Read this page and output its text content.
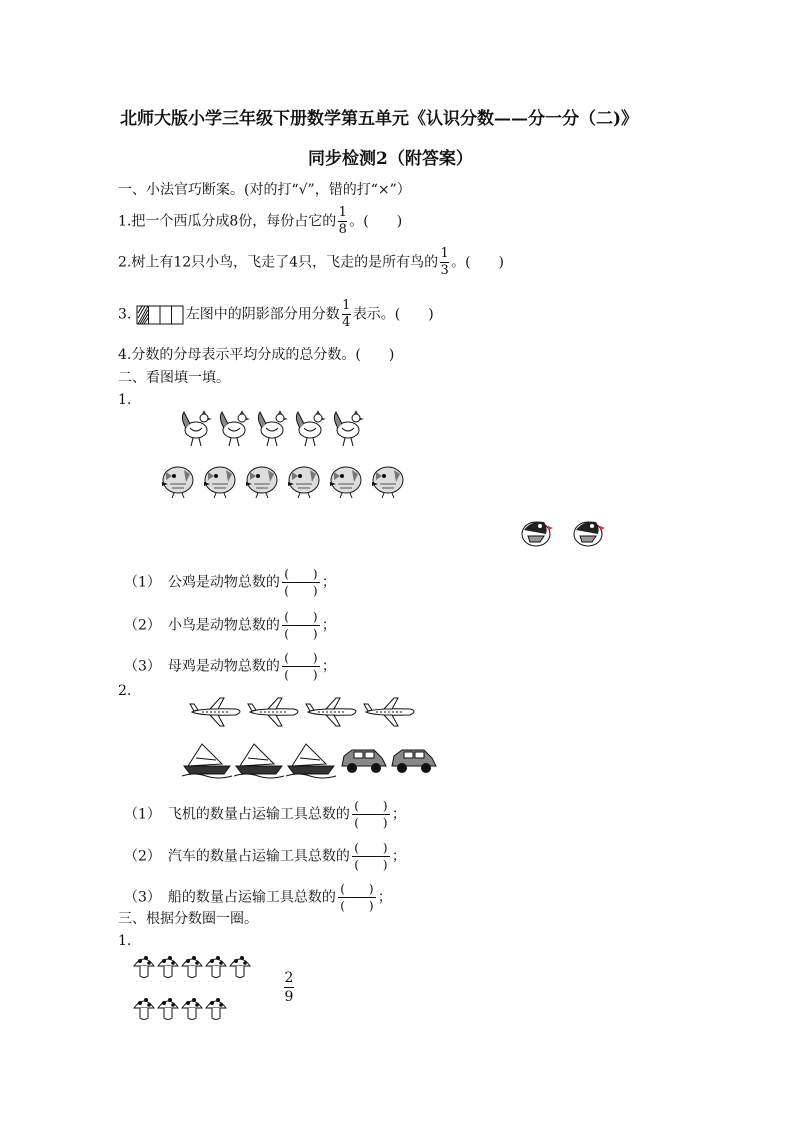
北师大版小学三年级下册数学第五单元《认识分数——分一分（二)》
同步检测2（附答案）
一、小法官巧断案。(对的打“√”，错的打“×”）
1.把一个西瓜分成8份，每份占它的 $\frac{1}{8}$ 。(　　)
2.树上有12只小鸟，飞走了4只，飞走的是所有鸟的 $\frac{1}{3}$ 。(　　)
3.	左图中的阴影部分用分数 $\frac{1}{4}$ 表示。(　　)
4.分数的分母表示平均分成的总分数。(　　)
二、看图填一填。
1.
（1）　 公鸡是动物总数的
(　　)
(　　)
；
（2）　 小鸟是动物总数的
(　　)
(　　)
；
（3）　 母鸡是动物总数的
(　　)
(　　)
；
2.
（1）　 飞机的数量占运输工具总数的
(　　)
(　　)
；
（2）　 汽车的数量占运输工具总数的
(　　)
(　　)
；
（3）　 船的数量占运输工具总数的
(　　)
(　　)
；
三、根据分数圈一圈。
1.
$\frac{2}{9}$
